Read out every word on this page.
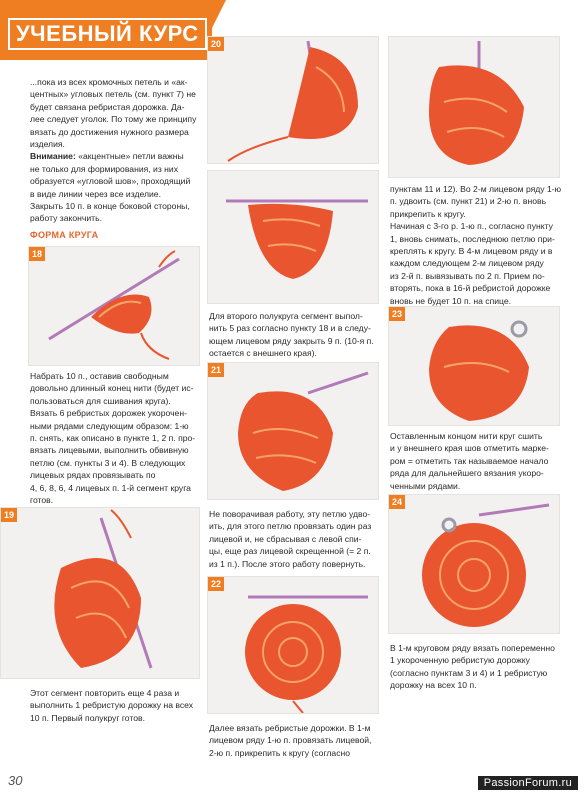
УЧЕБНЫЙ КУРС

...пока из всех кромочных петель и «ак-

центных» угловых петель (см. пункт 7) не

будет связана ребристая дорожка. Да-

лее следует уголок. По тому же принципу

вязать до достижения нужного размера

изделия.

Внимание: «акцентные» петли важны

не только для формирования, из них

образуется «угловой шов», проходящий

в виде линии через все изделие.

Закрыть 10 п. в конце боковой стороны,

работу закончить.

ФОРМА КРУГА
18

Набрать 10 п., оставив свободным

довольно длинный конец нити (будет ис-

пользоваться для сшивания круга).

Вязать 6 ребристых дорожек укорочен-

ными рядами следующим образом: 1-ю

п. снять, как описано в пункте 1, 2 п. про-

вязать лицевыми, выполнить обвивную

петлю (см. пункты 3 и 4). В следующих

лицевых рядах провязывать по

4, 6, 8, 6, 4 лицевых п. 1-й сегмент круга

готов.

19

Этот сегмент повторить еще 4 раза и

выполнить 1 ребристую дорожку на всех

10 п. Первый полукруг готов.

20

Для второго полукруга сегмент выпол-

нить 5 раз согласно пункту 18 и в следу-

ющем лицевом ряду закрыть 9 п. (10-я п.

остается с внешнего края).

21

Не поворачивая работу, эту петлю удво-

ить, для этого петлю провязать один раз

лицевой и, не сбрасывая с левой спи-

цы, еще раз лицевой скрещенной (= 2 п.

из 1 п.). После этого работу повернуть.

22

Далее вязать ребристые дорожки. В 1-м

лицевом ряду 1-ю п. провязать лицевой,

2-ю п. прикрепить к кругу (согласно

пунктам 11 и 12). Во 2-м лицевом ряду 1-ю

п. удвоить (см. пункт 21) и 2-ю п. вновь

прикрепить к кругу.

Начиная с 3-го р. 1-ю п., согласно пункту

1, вновь снимать, последнюю петлю при-

креплять к кругу. В 4-м лицевом ряду и в

каждом следующем 2-м лицевом ряду

из 2-й п. вывязывать по 2 п. Прием по-

вторять, пока в 16-й ребристой дорожке

вновь не будет 10 п. на спице.

23

Оставленным концом нити круг сшить

и у внешнего края шов отметить марке-

ром = отметить так называемое начало

ряда для дальнейшего вязания укоро-

ченными рядами.

24

В 1-м круговом ряду вязать попеременно

1 укороченную ребристую дорожку

(согласно пунктам 3 и 4) и 1 ребристую

дорожку на всех 10 п.

30	PassionForum.ru
